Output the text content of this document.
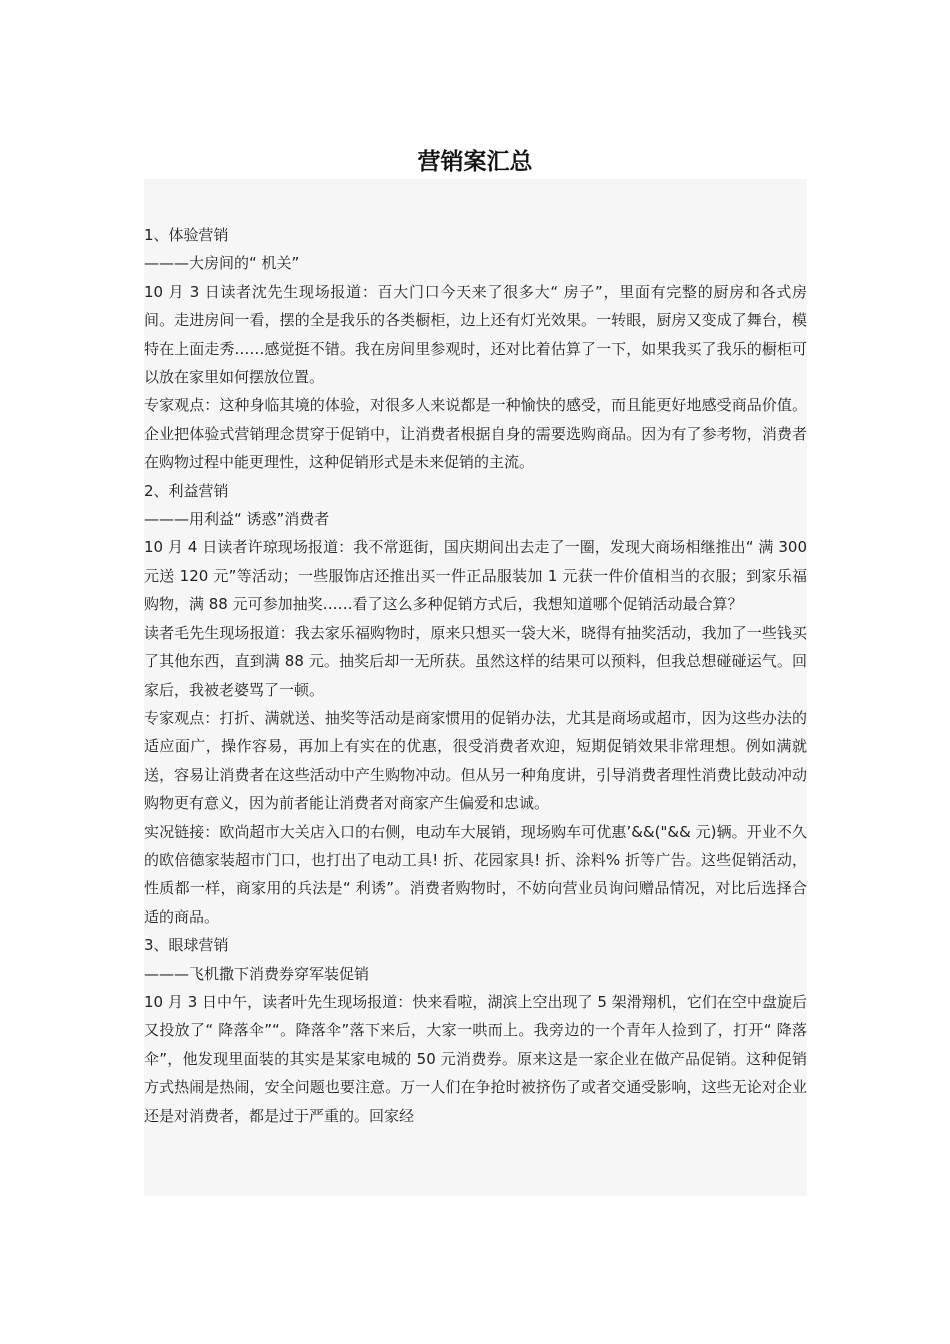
营销案汇总

1、体验营销

———大房间的“ 机关”

10 月 3 日读者沈先生现场报道：百大门口今天来了很多大“ 房子”，里面有完整的厨房和各式房间。走进房间一看，摆的全是我乐的各类橱柜，边上还有灯光效果。一转眼，厨房又变成了舞台，模特在上面走秀……感觉挺不错。我在房间里参观时，还对比着估算了一下，如果我买了我乐的橱柜可以放在家里如何摆放位置。

专家观点：这种身临其境的体验，对很多人来说都是一种愉快的感受，而且能更好地感受商品价值。企业把体验式营销理念贯穿于促销中，让消费者根据自身的需要选购商品。因为有了参考物，消费者在购物过程中能更理性，这种促销形式是未来促销的主流。

2、利益营销

———用利益“ 诱惑”消费者

10 月 4 日读者许琼现场报道：我不常逛街，国庆期间出去走了一圈，发现大商场相继推出“ 满 300 元送 120 元”等活动；一些服饰店还推出买一件正品服装加 1 元获一件价值相当的衣服；到家乐福购物，满 88 元可参加抽奖……看了这么多种促销方式后，我想知道哪个促销活动最合算？

读者毛先生现场报道：我去家乐福购物时，原来只想买一袋大米，晓得有抽奖活动，我加了一些钱买了其他东西，直到满 88 元。抽奖后却一无所获。虽然这样的结果可以预料，但我总想碰碰运气。回家后，我被老婆骂了一顿。

专家观点：打折、满就送、抽奖等活动是商家惯用的促销办法，尤其是商场或超市，因为这些办法的适应面广，操作容易，再加上有实在的优惠，很受消费者欢迎，短期促销效果非常理想。例如满就送，容易让消费者在这些活动中产生购物冲动。但从另一种角度讲，引导消费者理性消费比鼓动冲动购物更有意义，因为前者能让消费者对商家产生偏爱和忠诚。

实况链接：欧尚超市大关店入口的右侧，电动车大展销，现场购车可优惠’&&("&& 元)辆。开业不久的欧倍德家装超市门口，也打出了电动工具! 折、花园家具! 折、涂料% 折等广告。这些促销活动，性质都一样，商家用的兵法是“ 利诱”。消费者购物时，不妨向营业员询问赠品情况，对比后选择合适的商品。

3、眼球营销

———飞机撒下消费券穿军装促销

10 月 3 日中午，读者叶先生现场报道：快来看啦，湖滨上空出现了 5 架滑翔机，它们在空中盘旋后又投放了“ 降落伞”“。降落伞”落下来后，大家一哄而上。我旁边的一个青年人捡到了，打开“ 降落伞”，他发现里面装的其实是某家电城的 50 元消费券。原来这是一家企业在做产品促销。这种促销方式热闹是热闹，安全问题也要注意。万一人们在争抢时被挤伤了或者交通受影响，这些无论对企业还是对消费者，都是过于严重的。回家经
